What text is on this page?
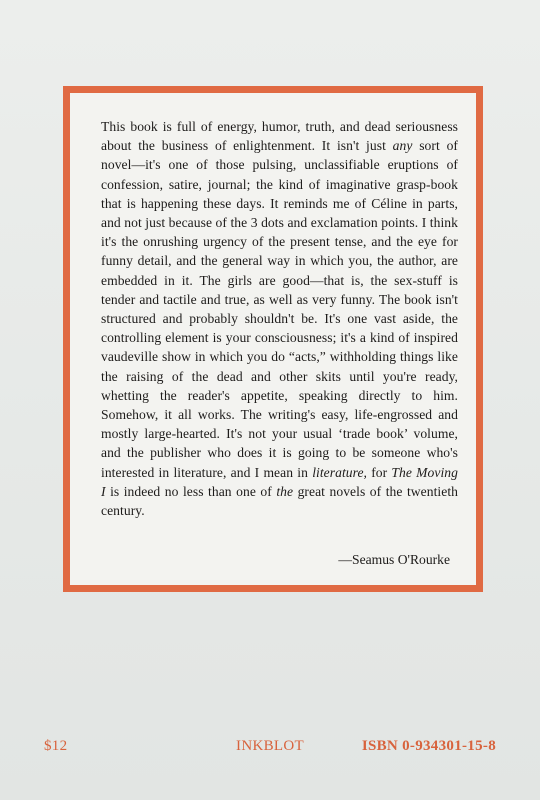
This book is full of energy, humor, truth, and dead seriousness about the business of enlightenment. It isn't just any sort of novel—it's one of those pulsing, unclassifiable eruptions of confession, satire, journal; the kind of imaginative grasp-book that is happening these days. It reminds me of Céline in parts, and not just because of the 3 dots and exclamation points. I think it's the onrushing urgency of the present tense, and the eye for funny detail, and the general way in which you, the author, are embedded in it. The girls are good—that is, the sex-stuff is tender and tactile and true, as well as very funny. The book isn't structured and probably shouldn't be. It's one vast aside, the controlling element is your consciousness; it's a kind of inspired vaudeville show in which you do “acts,” withholding things like the raising of the dead and other skits until you're ready, whetting the reader's appetite, speaking directly to him. Somehow, it all works. The writing's easy, life-engrossed and mostly large-hearted. It's not your usual ‘trade book’ volume, and the publisher who does it is going to be someone who's interested in literature, and I mean in literature, for The Moving I is indeed no less than one of the great novels of the twentieth century.

—Seamus O'Rourke

$12	INKBLOT	ISBN 0-934301-15-8
